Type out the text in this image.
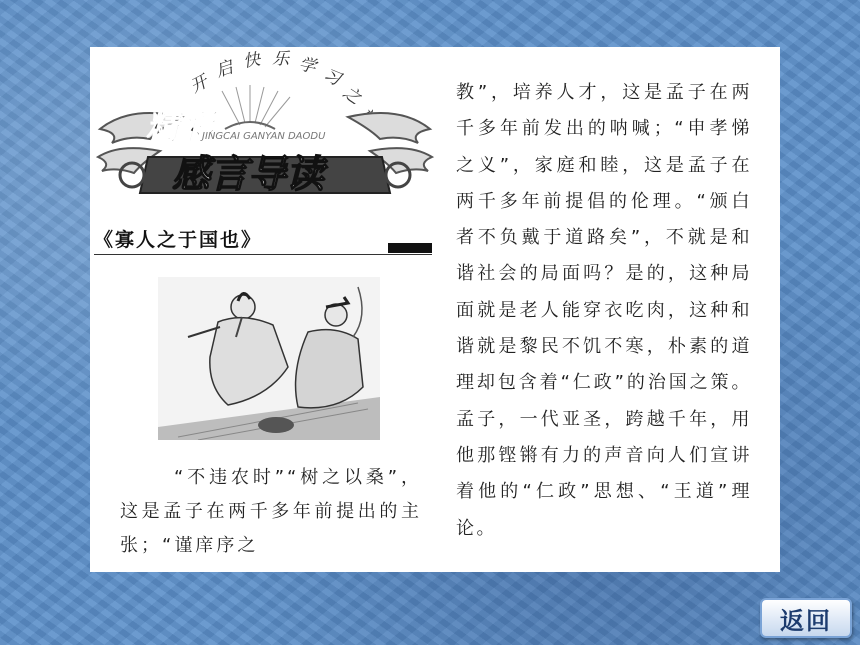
开
启 快 乐 学 习
之
精彩
JINGCAI GANYAN DAODU
感言导读
《寡人之于国也》
“不违农时”“树之以桑”，这是孟子在两千多年前提出的主张；“谨庠序之
教”，培养人才，这是孟子在两千多年前发出的呐喊；“申孝悌之义”，家庭和睦，这是孟子在两千多年前提倡的伦理。“颁白者不负戴于道路矣”，不就是和谐社会的局面吗？是的，这种局面就是老人能穿衣吃肉，这种和谐就是黎民不饥不寒，朴素的道理却包含着“仁政”的治国之策。孟子，一代亚圣，跨越千年，用他那铿锵有力的声音向人们宣讲着他的“仁政”思想、“王道”理论。
返回
